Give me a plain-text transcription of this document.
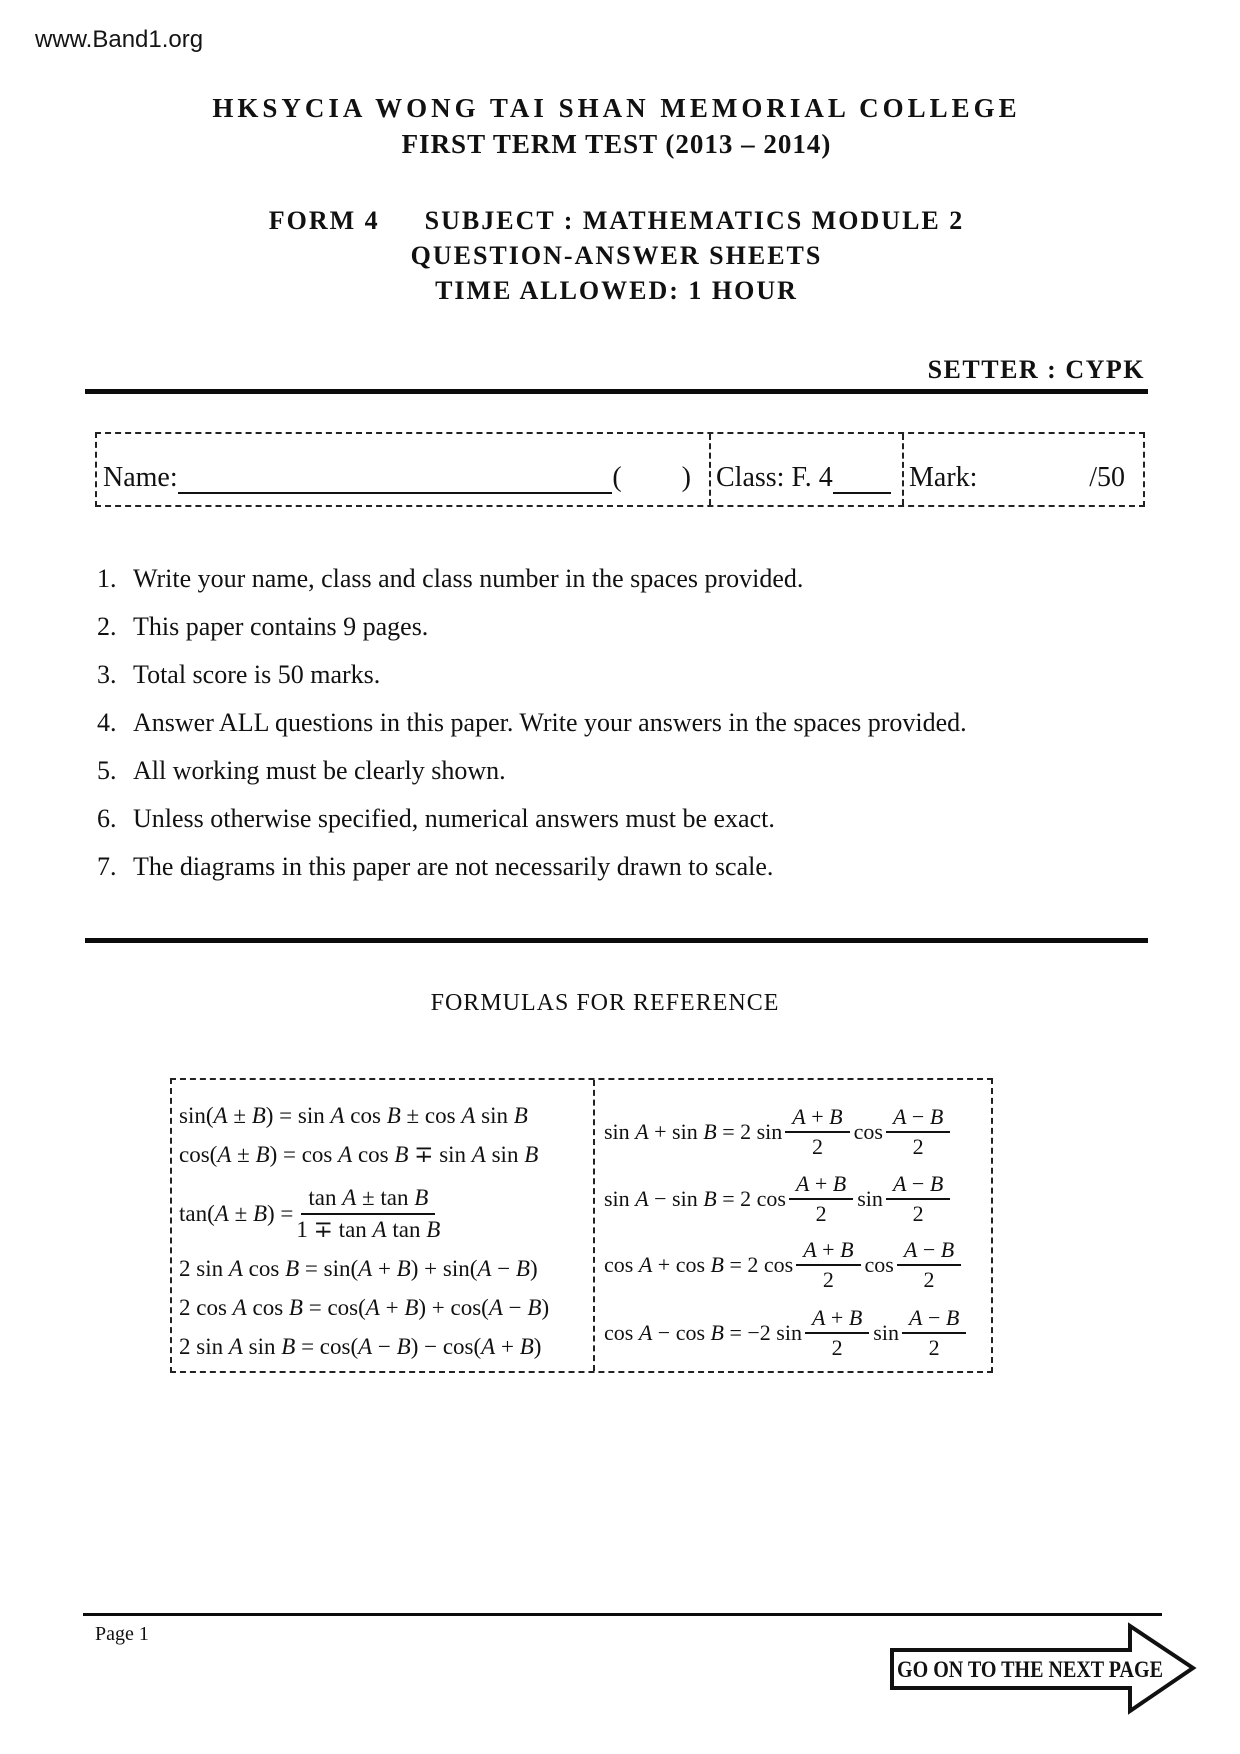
www.Band1.org
HKSYCIA WONG TAI SHAN MEMORIAL COLLEGE
FIRST TERM TEST (2013 – 2014)
FORM 4 SUBJECT : MATHEMATICS MODULE 2
QUESTION-ANSWER SHEETS
TIME ALLOWED: 1 HOUR
SETTER : CYPK
Name:	( ) Class: F. 4	Mark:	/50
1. Write your name, class and class number in the spaces provided.
2. This paper contains 9 pages.
3. Total score is 50 marks.
4. Answer ALL questions in this paper. Write your answers in the spaces provided.
5. All working must be clearly shown.
6. Unless otherwise specified, numerical answers must be exact.
7. The diagrams in this paper are not necessarily drawn to scale.
FORMULAS FOR REFERENCE
sin(A ± B) = sin A cos B ± cos A sin B
cos(A ± B) = cos A cos B ∓ sin A sin B
$\tan(A \pm B) = \frac{\text{tan A ± tan B}}{\text{1 ∓ tan A tan B}}$
2 sin A cos B = sin(A + B) + sin(A − B)
2 cos A cos B = cos(A + B) + cos(A − B)
2 sin A sin B = cos(A − B) − cos(A + B)
sin A + sin B = 2 $\sin \frac{A + B}{2}$ $\cos \frac{A - B}{2}$
sin A − sin B = 2 $\cos \frac{A + B}{2}$ $\sin \frac{A - B}{2}$
cos A + cos B = 2 $\cos \frac{A + B}{2}$ $\cos \frac{A - B}{2}$
cos A − cos B = −2 $\sin \frac{A + B}{2}$ $\sin \frac{A - B}{2}$
Page 1
GO ON TO THE NEXT PAGE
